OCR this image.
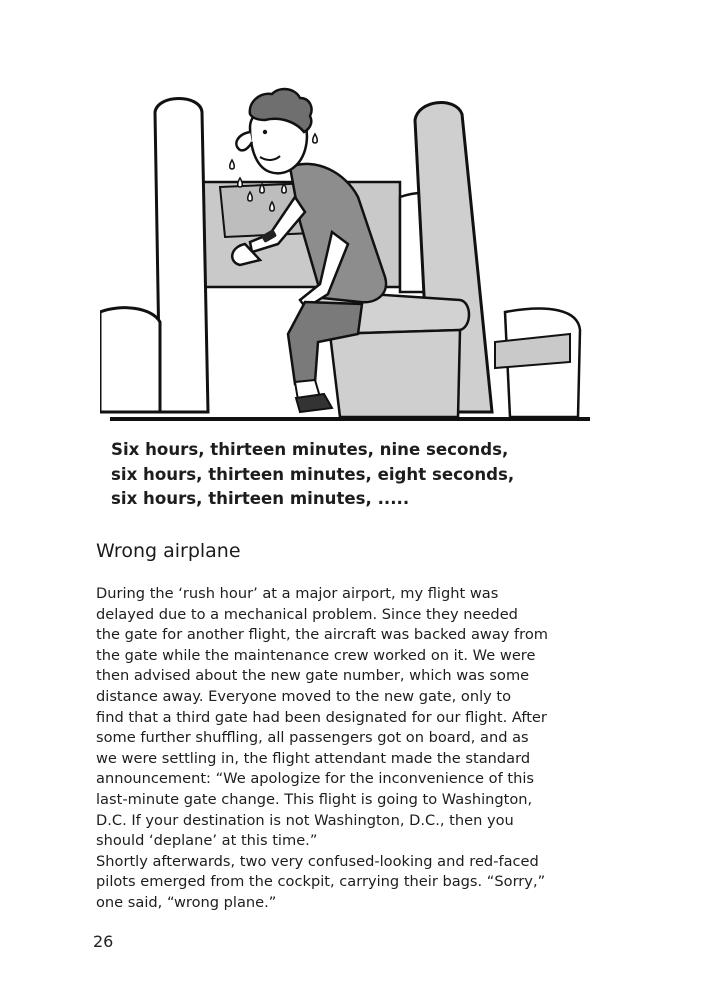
Six hours, thirteen minutes, nine seconds,
six hours, thirteen minutes, eight seconds,
six hours, thirteen minutes, .....
Wrong airplane
During the ‘rush hour’ at a major airport, my flight was
delayed due to a mechanical problem. Since they needed
the gate for another flight, the aircraft was backed away from
the gate while the maintenance crew worked on it. We were
then advised about the new gate number, which was some
distance away. Everyone moved to the new gate, only to
find that a third gate had been designated for our flight. After
some further shuffling, all passengers got on board, and as
we were settling in, the flight attendant made the standard
announcement: “We apologize for the inconvenience of this
last-minute gate change. This flight is going to Washington,
D.C. If your destination is not Washington, D.C., then you
should ‘deplane’ at this time.”
Shortly afterwards, two very confused-looking and red-faced
pilots emerged from the cockpit, carrying their bags. “Sorry,”
one said, “wrong plane.”
26
